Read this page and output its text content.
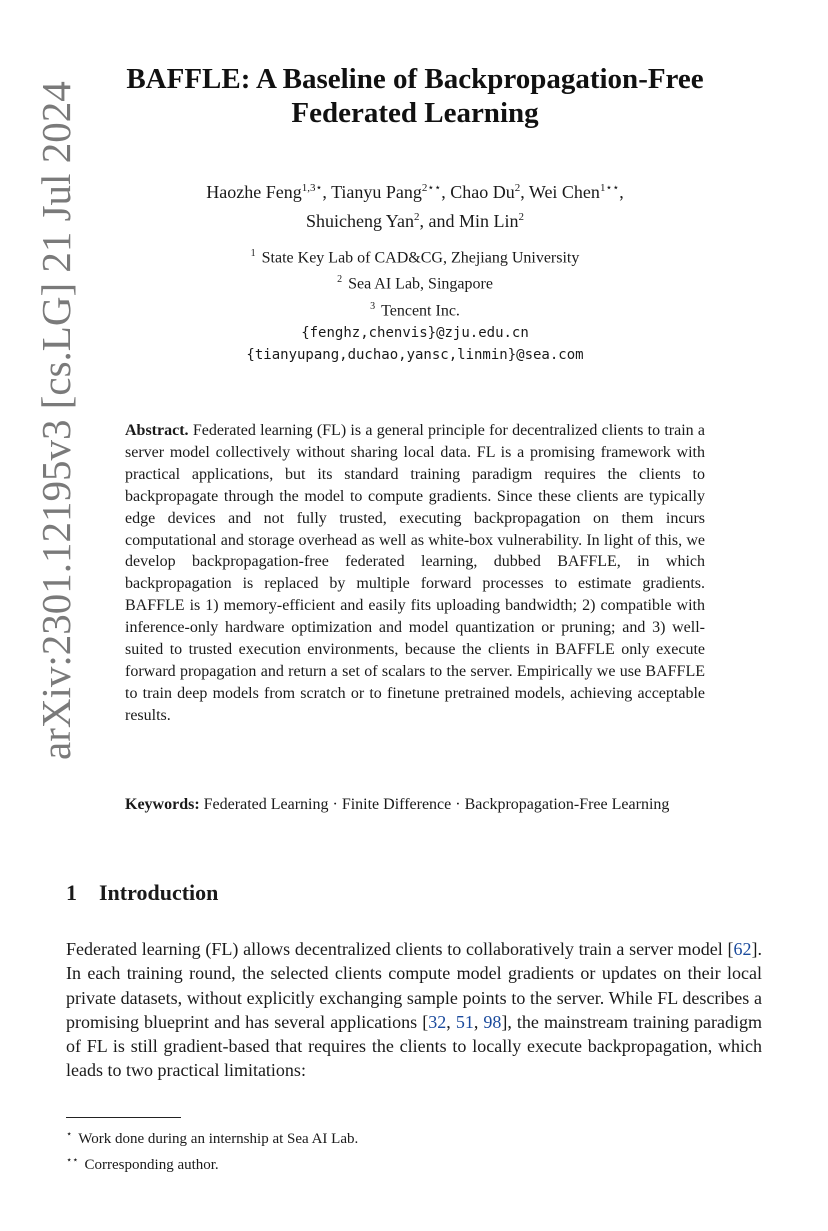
arXiv:2301.12195v3 [cs.LG] 21 Jul 2024
BAFFLE: A Baseline of Backpropagation-Free
Federated Learning
Haozhe Feng$^{1,3⋆}$, Tianyu Pang$^{2⋆⋆}$, Chao Du$^2$, Wei Chen$^{1⋆⋆}$,
Shuicheng Yan$^2$, and Min Lin$^2$
$^1$ State Key Lab of CAD&CG, Zhejiang University
$^2$ Sea AI Lab, Singapore
$^3$ Tencent Inc.
{fenghz,chenvis}@zju.edu.cn
{tianyupang,duchao,yansc,linmin}@sea.com
Abstract. Federated learning (FL) is a general principle for decentralized clients to train a server model collectively without sharing local data. FL is a promising framework with practical applications, but its standard training paradigm requires the clients to backpropagate through the model to compute gradients. Since these clients are typically edge devices and not fully trusted, executing backpropagation on them incurs computational and storage overhead as well as white-box vulnerability. In light of this, we develop backpropagation-free federated learning, dubbed BAFFLE, in which backpropagation is replaced by multiple forward processes to estimate gradients. BAFFLE is 1) memory-efficient and easily fits uploading bandwidth; 2) compatible with inference-only hardware optimization and model quantization or pruning; and 3) well-suited to trusted execution environments, because the clients in BAFFLE only execute forward propagation and return a set of scalars to the server. Empirically we use BAFFLE to train deep models from scratch or to finetune pretrained models, achieving acceptable results.
Keywords: Federated Learning · Finite Difference · Backpropagation-Free Learning
1 Introduction
Federated learning (FL) allows decentralized clients to collaboratively train a server model [62]. In each training round, the selected clients compute model gradients or updates on their local private datasets, without explicitly exchanging sample points to the server. While FL describes a promising blueprint and has several applications [32, 51, 98], the mainstream training paradigm of FL is still gradient-based that requires the clients to locally execute backpropagation, which leads to two practical limitations:
⋆ Work done during an internship at Sea AI Lab.
⋆⋆ Corresponding author.
